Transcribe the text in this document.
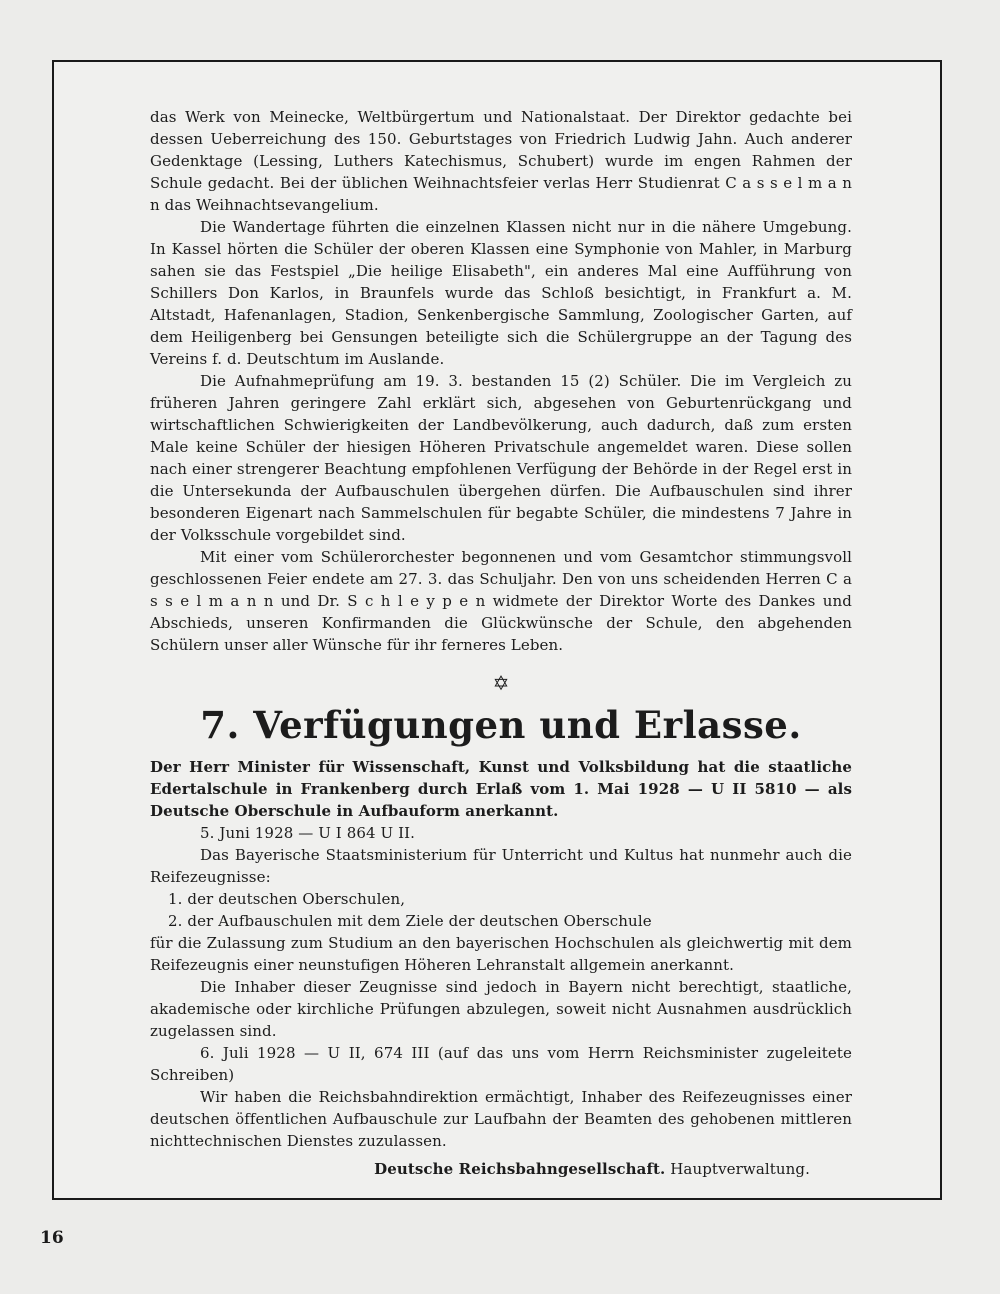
das Werk von Meinecke, Weltbürgertum und Nationalstaat. Der Direktor gedachte bei dessen Ueberreichung des 150. Geburtstages von Friedrich Ludwig Jahn. Auch anderer Gedenktage (Lessing, Luthers Katechismus, Schubert) wurde im engen Rahmen der Schule gedacht. Bei der üblichen Weihnachtsfeier verlas Herr Studienrat C a s s e l m a n n das Weihnachtsevangelium.

Die Wandertage führten die einzelnen Klassen nicht nur in die nähere Umgebung. In Kassel hörten die Schüler der oberen Klassen eine Symphonie von Mahler, in Marburg sahen sie das Festspiel „Die heilige Elisabeth", ein anderes Mal eine Aufführung von Schillers Don Karlos, in Braunfels wurde das Schloß besichtigt, in Frankfurt a. M. Altstadt, Hafenanlagen, Stadion, Senkenbergische Sammlung, Zoologischer Garten, auf dem Heiligenberg bei Gensungen beteiligte sich die Schülergruppe an der Tagung des Vereins f. d. Deutschtum im Auslande.

Die Aufnahmeprüfung am 19. 3. bestanden 15 (2) Schüler. Die im Vergleich zu früheren Jahren geringere Zahl erklärt sich, abgesehen von Geburtenrückgang und wirtschaftlichen Schwierigkeiten der Landbevölkerung, auch dadurch, daß zum ersten Male keine Schüler der hiesigen Höheren Privatschule angemeldet waren. Diese sollen nach einer strengerer Beachtung empfohlenen Verfügung der Behörde in der Regel erst in die Untersekunda der Aufbauschulen übergehen dürfen. Die Aufbauschulen sind ihrer besonderen Eigenart nach Sammelschulen für begabte Schüler, die mindestens 7 Jahre in der Volksschule vorgebildet sind.

Mit einer vom Schülerorchester begonnenen und vom Gesamtchor stimmungsvoll geschlossenen Feier endete am 27. 3. das Schuljahr. Den von uns scheidenden Herren C a s s e l m a n n und Dr. S c h l e y p e n widmete der Direktor Worte des Dankes und Abschieds, unseren Konfirmanden die Glückwünsche der Schule, den abgehenden Schülern unser aller Wünsche für ihr ferneres Leben.

✡
7. Verfügungen und Erlasse.

Der Herr Minister für Wissenschaft, Kunst und Volksbildung hat die staatliche Edertalschule in Frankenberg durch Erlaß vom 1. Mai 1928 — U II 5810 — als Deutsche Oberschule in Aufbauform anerkannt.

5. Juni 1928 — U I 864 U II.

Das Bayerische Staatsministerium für Unterricht und Kultus hat nunmehr auch die Reifezeugnisse:

1. der deutschen Oberschulen,

2. der Aufbauschulen mit dem Ziele der deutschen Oberschule

für die Zulassung zum Studium an den bayerischen Hochschulen als gleichwertig mit dem Reifezeugnis einer neunstufigen Höheren Lehranstalt allgemein anerkannt.

Die Inhaber dieser Zeugnisse sind jedoch in Bayern nicht berechtigt, staatliche, akademische oder kirchliche Prüfungen abzulegen, soweit nicht Ausnahmen ausdrücklich zugelassen sind.

6. Juli 1928 — U II, 674 III (auf das uns vom Herrn Reichsminister zugeleitete Schreiben)

Wir haben die Reichsbahndirektion ermächtigt, Inhaber des Reifezeugnisses einer deutschen öffentlichen Aufbauschule zur Laufbahn der Beamten des gehobenen mittleren nichttechnischen Dienstes zuzulassen.

Deutsche Reichsbahngesellschaft. Hauptverwaltung.
16
